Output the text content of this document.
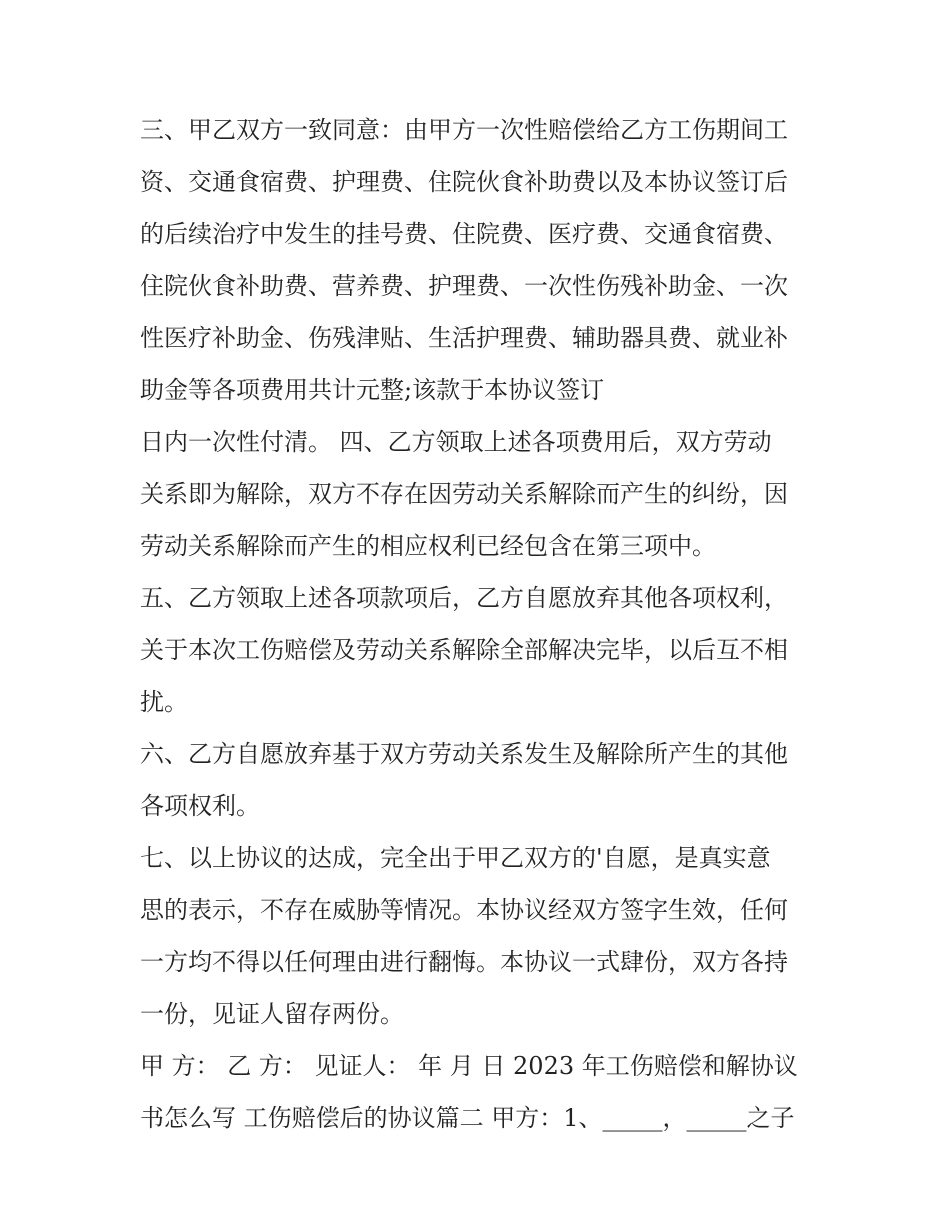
三、甲乙双方一致同意：由甲方一次性赔偿给乙方工伤期间工

资、交通食宿费、护理费、住院伙食补助费以及本协议签订后

的后续治疗中发生的挂号费、住院费、医疗费、交通食宿费、

住院伙食补助费、营养费、护理费、一次性伤残补助金、一次

性医疗补助金、伤残津贴、生活护理费、辅助器具费、就业补

助金等各项费用共计元整;该款于本协议签订

日内一次性付清。 四、乙方领取上述各项费用后，双方劳动

关系即为解除，双方不存在因劳动关系解除而产生的纠纷，因

劳动关系解除而产生的相应权利已经包含在第三项中。

五、乙方领取上述各项款项后，乙方自愿放弃其他各项权利，

关于本次工伤赔偿及劳动关系解除全部解决完毕，以后互不相

扰。

六、乙方自愿放弃基于双方劳动关系发生及解除所产生的其他

各项权利。

七、以上协议的达成，完全出于甲乙双方的'自愿，是真实意

思的表示，不存在威胁等情况。本协议经双方签字生效，任何

一方均不得以任何理由进行翻悔。本协议一式肆份，双方各持

一份，见证人留存两份。

甲 方： 乙 方： 见证人： 年 月 日 2023 年工伤赔偿和解协议

书怎么写 工伤赔偿后的协议篇二 甲方：1、_____，_____之子
